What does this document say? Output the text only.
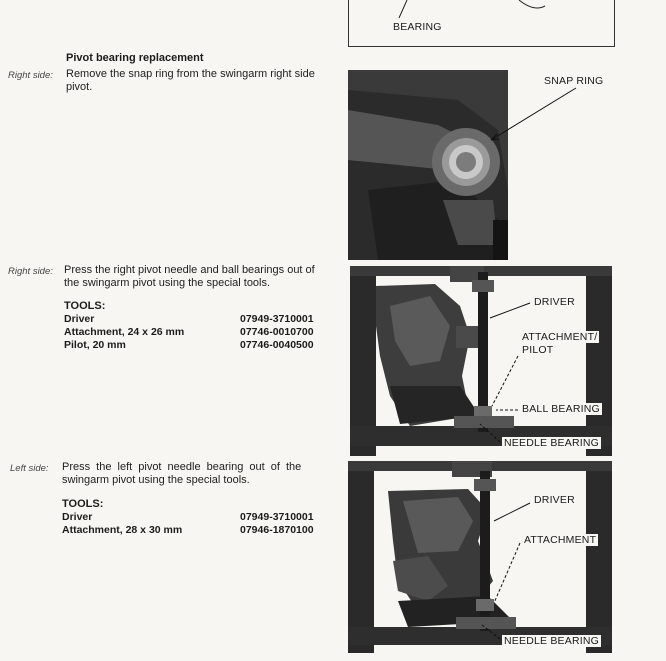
BEARING
Pivot bearing replacement
Right side: Remove the snap ring from the swingarm right side
pivot.	SNAP RING
Right side: Press the right pivot needle and ball bearings out of
the swingarm pivot using the special tools.
TOOLS:
Driver	07949-3710001
Attachment, 24 x 26 mm	07746-0010700
Pilot, 20 mm	07746-0040500
DRIVER
ATTACHMENT/
PILOT
BALL BEARING
NEEDLE BEARING
Left side: Press the left pivot needle bearing out of the
swingarm pivot using the special tools.
TOOLS:
Driver	07949-3710001
Attachment, 28 x 30 mm	07946-1870100
DRIVER
ATTACHMENT
NEEDLE BEARING
